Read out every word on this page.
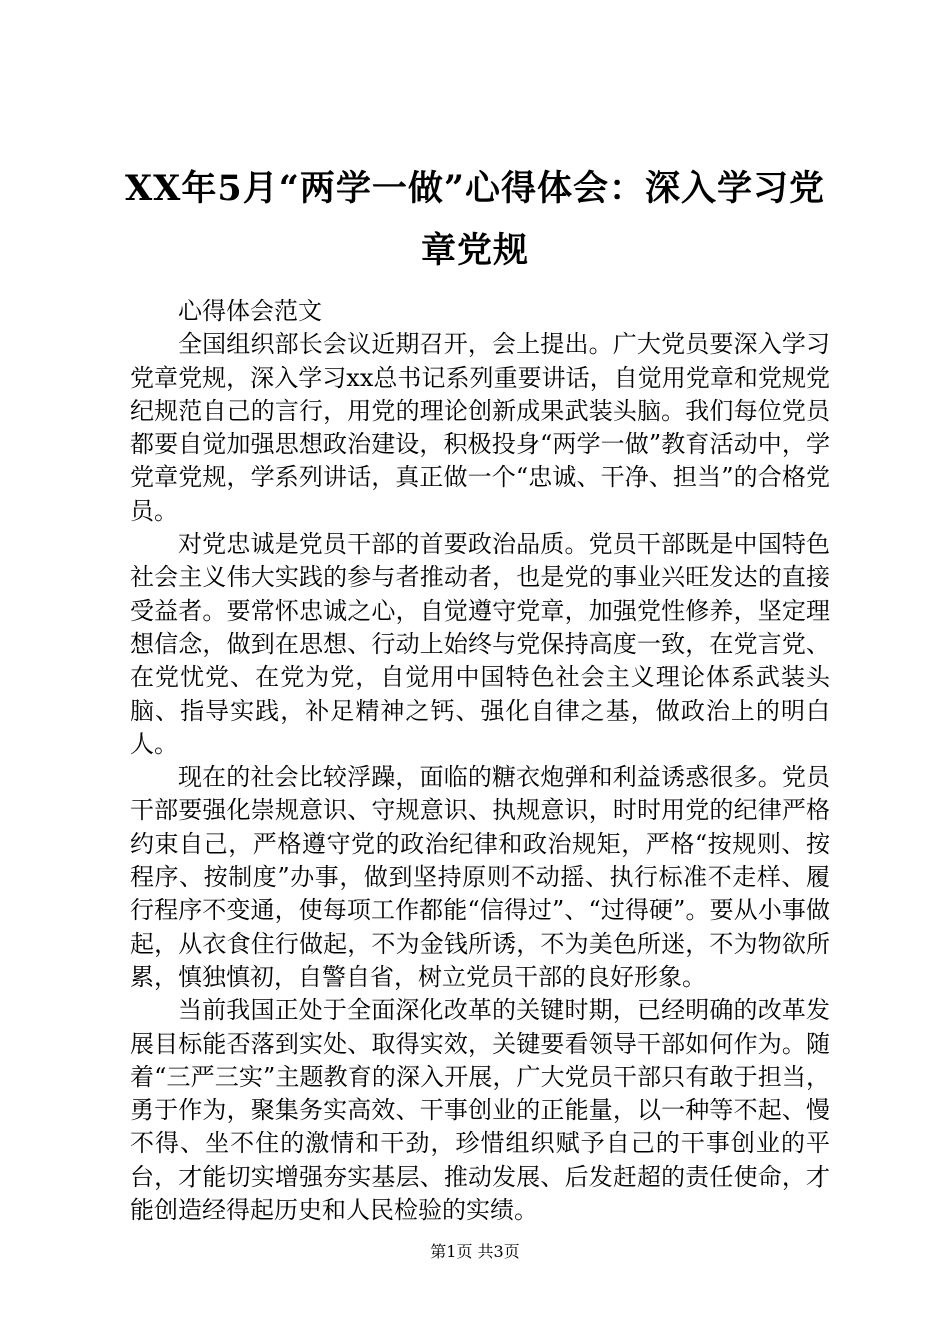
XX年5月“两学一做”心得体会：深入学习党章党规

心得体会范文

全国组织部长会议近期召开，会上提出。广大党员要深入学习党章党规，深入学习xx总书记系列重要讲话，自觉用党章和党规党纪规范自己的言行，用党的理论创新成果武装头脑。我们每位党员都要自觉加强思想政治建设，积极投身“两学一做”教育活动中，学党章党规，学系列讲话，真正做一个“忠诚、干净、担当”的合格党员。

对党忠诚是党员干部的首要政治品质。党员干部既是中国特色社会主义伟大实践的参与者推动者，也是党的事业兴旺发达的直接受益者。要常怀忠诚之心，自觉遵守党章，加强党性修养，坚定理想信念，做到在思想、行动上始终与党保持高度一致，在党言党、在党忧党、在党为党，自觉用中国特色社会主义理论体系武装头脑、指导实践，补足精神之钙、强化自律之基，做政治上的明白人。

现在的社会比较浮躁，面临的糖衣炮弹和利益诱惑很多。党员干部要强化崇规意识、守规意识、执规意识，时时用党的纪律严格约束自己，严格遵守党的政治纪律和政治规矩，严格“按规则、按程序、按制度”办事，做到坚持原则不动摇、执行标准不走样、履行程序不变通，使每项工作都能“信得过”、“过得硬”。要从小事做起，从衣食住行做起，不为金钱所诱，不为美色所迷，不为物欲所累，慎独慎初，自警自省，树立党员干部的良好形象。

当前我国正处于全面深化改革的关键时期，已经明确的改革发展目标能否落到实处、取得实效，关键要看领导干部如何作为。随着“三严三实”主题教育的深入开展，广大党员干部只有敢于担当，勇于作为，聚集务实高效、干事创业的正能量，以一种等不起、慢不得、坐不住的激情和干劲，珍惜组织赋予自己的干事创业的平台，才能切实增强夯实基层、推动发展、后发赶超的责任使命，才能创造经得起历史和人民检验的实绩。

第1页 共3页
